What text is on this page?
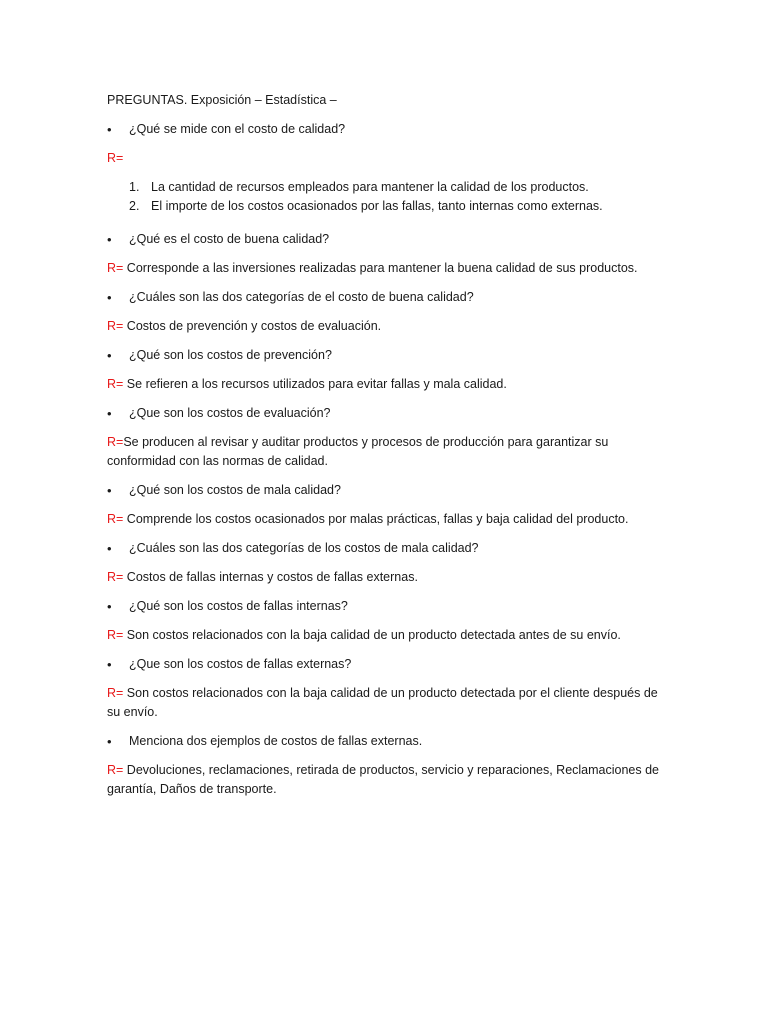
PREGUNTAS. Exposición – Estadística –
• ¿Qué se mide con el costo de calidad?
R=
1. La cantidad de recursos empleados para mantener la calidad de los productos.
2. El importe de los costos ocasionados por las fallas, tanto internas como externas.
• ¿Qué es el costo de buena calidad?
R= Corresponde a las inversiones realizadas para mantener la buena calidad de sus productos.
• ¿Cuáles son las dos categorías de el costo de buena calidad?
R= Costos de prevención y costos de evaluación.
• ¿Qué son los costos de prevención?
R= Se refieren a los recursos utilizados para evitar fallas y mala calidad.
• ¿Que son los costos de evaluación?
R=Se producen al revisar y auditar productos y procesos de producción para garantizar su conformidad con las normas de calidad.
• ¿Qué son los costos de mala calidad?
R= Comprende los costos ocasionados por malas prácticas, fallas y baja calidad del producto.
• ¿Cuáles son las dos categorías de los costos de mala calidad?
R= Costos de fallas internas y costos de fallas externas.
• ¿Qué son los costos de fallas internas?
R= Son costos relacionados con la baja calidad de un producto detectada antes de su envío.
• ¿Que son los costos de fallas externas?
R= Son costos relacionados con la baja calidad de un producto detectada por el cliente después de su envío.
• Menciona dos ejemplos de costos de fallas externas.
R= Devoluciones, reclamaciones, retirada de productos, servicio y reparaciones, Reclamaciones de garantía, Daños de transporte.
